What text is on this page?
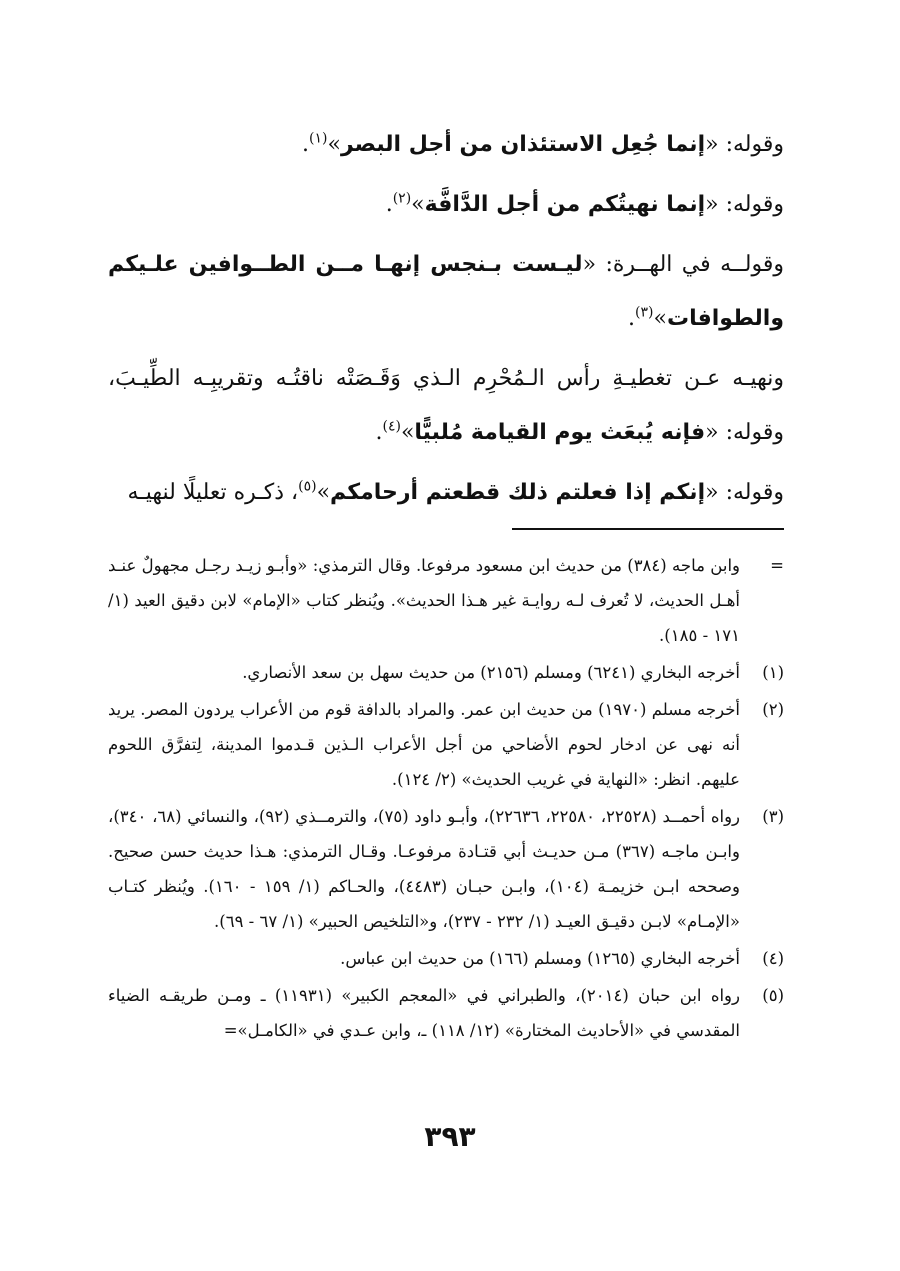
وقوله: «إنما جُعِل الاستئذان من أجل البصر»$^{(١)}$.

وقوله: «إنما نهيتُكم من أجل الدَّافَّة»$^{(٢)}$.

وقولــه في الهــرة: «ليـست بـنجس إنهـا مــن الطــوافين علـيكم والطوافات»$^{(٣)}$.

ونهيـه عـن تغطيـةِ رأس الـمُحْرِم الـذي وَقَـصَتْه ناقتُـه وتقريبِـه الطِّيـبَ، وقوله: «فإنه يُبعَث يوم القيامة مُلبيًّا»$^{(٤)}$.

وقوله: «إنكم إذا فعلتم ذلك قطعتم أرحامكم»$^{(٥)}$، ذكـره تعليلًا لنهيـه

=
وابن ماجه (٣٨٤) من حديث ابن مسعود مرفوعا. وقال الترمذي: «وأبـو زيـد رجـل مجهولٌ عنـد أهـل الحديث، لا تُعرف لـه روايـة غير هـذا الحديث». ويُنظر كتاب «الإمام» لابن دقيق العيد (١/ ١٧١ - ١٨٥).
(١)
أخرجه البخاري (٦٢٤١) ومسلم (٢١٥٦) من حديث سهل بن سعد الأنصاري.
(٢)
أخرجه مسلم (١٩٧٠) من حديث ابن عمر. والمراد بالدافة قوم من الأعراب يردون المصر. يريد أنه نهى عن ادخار لحوم الأضاحي من أجل الأعراب الـذين قـدموا المدينة، لِتفرَّق اللحوم عليهم. انظر: «النهاية في غريب الحديث» (٢/ ١٢٤).
(٣)
رواه أحمــد (٢٢٥٢٨، ٢٢٥٨٠، ٢٢٦٣٦)، وأبـو داود (٧٥)، والترمــذي (٩٢)، والنسائي (٦٨، ٣٤٠)، وابـن ماجـه (٣٦٧) مـن حديـث أبي قتـادة مرفوعـا. وقـال الترمذي: هـذا حديث حسن صحيح. وصححه ابـن خزيمـة (١٠٤)، وابـن حبـان (٤٤٨٣)، والحـاكم (١/ ١٥٩ - ١٦٠). ويُنظر كتـاب «الإمـام» لابـن دقيـق العيـد (١/ ٢٣٢ - ٢٣٧)، و«التلخيص الحبير» (١/ ٦٧ - ٦٩).
(٤)
أخرجه البخاري (١٢٦٥) ومسلم (١٦٦) من حديث ابن عباس.
(٥)
رواه ابن حبان (٢٠١٤)، والطبراني في «المعجم الكبير» (١١٩٣١) ـ ومـن طريقـه الضياء المقدسي في «الأحاديث المختارة» (١٢/ ١١٨) ـ، وابن عـدي في «الكامـل»=
٣٩٣
